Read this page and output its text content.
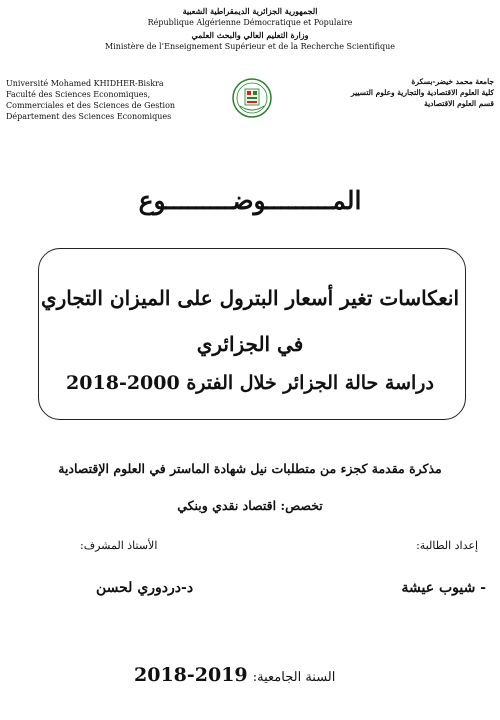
الجمهورية الجزائرية الديمقراطية الشعبية
République Algérienne Démocratique et Populaire
وزارة التعليم العالي والبحث العلمي
Ministère de l’Enseignement Supérieur et de la Recherche Scientifique
Université Mohamed KHIDHER-Biskra
Faculté des Sciences Economiques,
Commerciales et des Sciences de Gestion
Département des Sciences Economiques
جامعة محمد خيضر-بسكرة
كلية العلوم الاقتصادية والتجارية وعلوم التسيير
قسم العلوم الاقتصادية
المـــــــــوضـــــــــوع
انعكاسات تغير أسعار البترول على الميزان التجاري
في الجزائري
دراسة حالة الجزائر خلال الفترة 2000-2018
مذكرة مقدمة كجزء من متطلبات نيل شهادة الماستر في العلوم الإقتصادية
تخصص: اقتصاد نقدي وبنكي
إعداد الطالبة:
الأستاذ المشرف:
- شيوب عيشة
د-دردوري لحسن
السنة الجامعية: 2018-2019
